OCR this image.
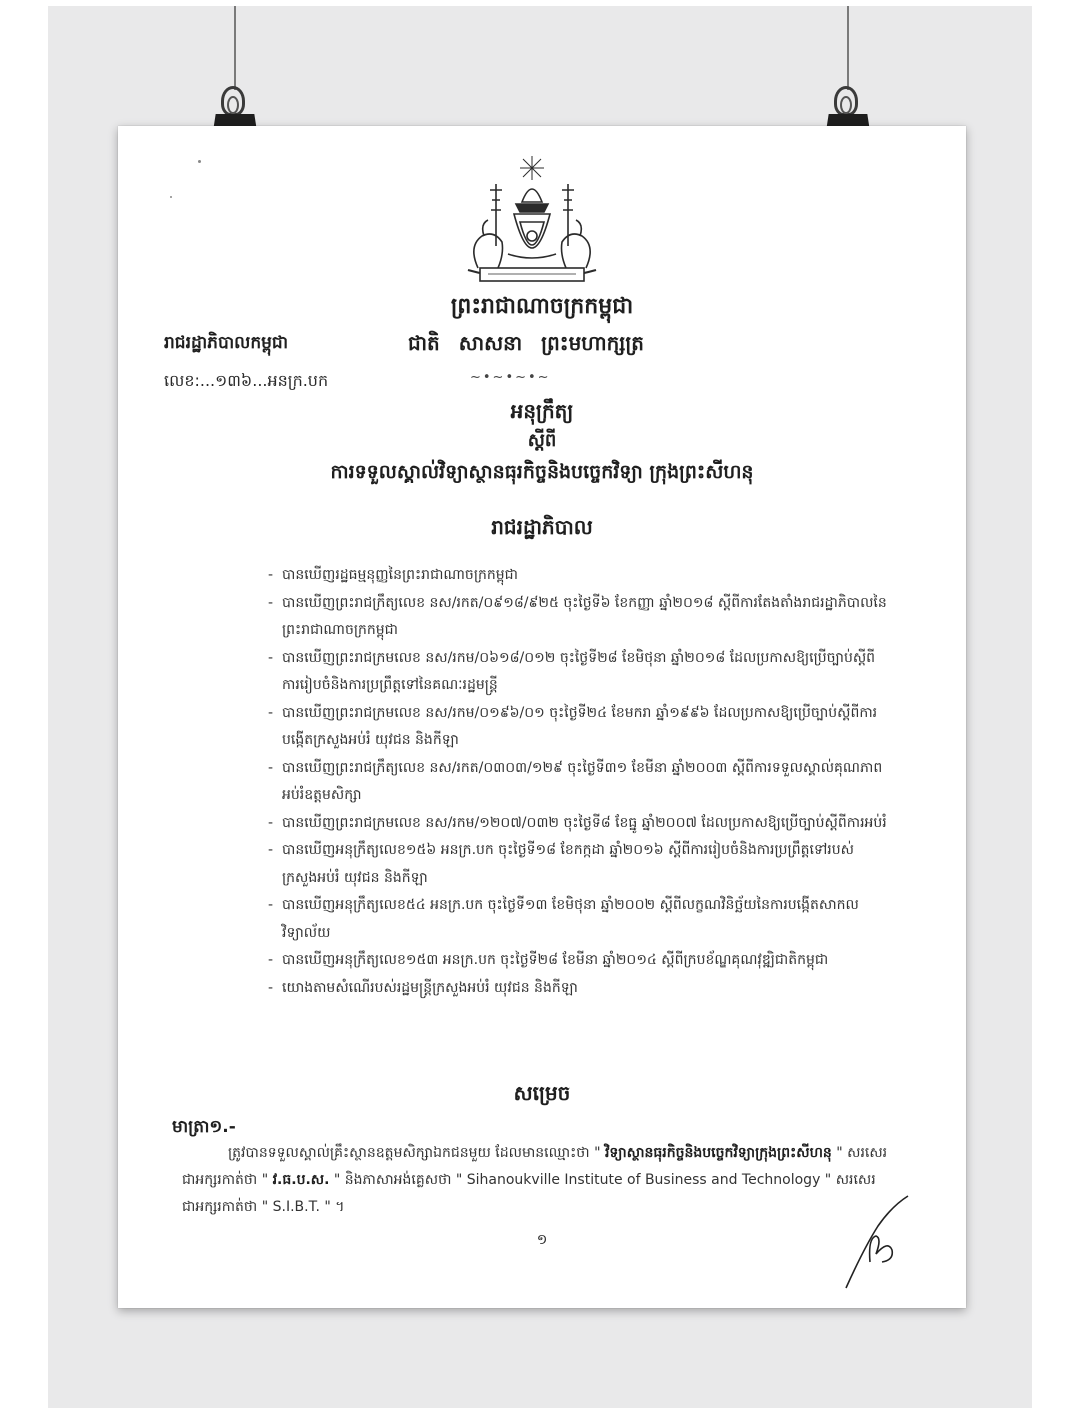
ព្រះរាជាណាចក្រកម្ពុជា
រាជរដ្ឋាភិបាលកម្ពុជា	ជាតិ សាសនា ព្រះមហាក្សត្រ
លេខ:...១៣៦...អនក្រ.បក	~•~•~•~
អនុក្រឹត្យ
ស្តីពី
ការទទួលស្គាល់វិទ្យាស្ថានធុរកិច្ចនិងបច្ចេកវិទ្យា ក្រុងព្រះសីហនុ
រាជរដ្ឋាភិបាល
- បានឃើញរដ្ឋធម្មនុញ្ញនៃព្រះរាជាណាចក្រកម្ពុជា
- បានឃើញព្រះរាជក្រឹត្យលេខ នស/រកត/០៩១៨/៩២៥ ចុះថ្ងៃទី៦ ខែកញ្ញា ឆ្នាំ២០១៨ ស្តីពីការតែងតាំងរាជរដ្ឋាភិបាលនៃព្រះរាជាណាចក្រកម្ពុជា
- បានឃើញព្រះរាជក្រមលេខ នស/រកម/០៦១៨/០១២ ចុះថ្ងៃទី២៨ ខែមិថុនា ឆ្នាំ២០១៨ ដែលប្រកាសឱ្យប្រើច្បាប់ស្តីពីការរៀបចំនិងការប្រព្រឹត្តទៅនៃគណៈរដ្ឋមន្ត្រី
- បានឃើញព្រះរាជក្រមលេខ នស/រកម/០១៩៦/០១ ចុះថ្ងៃទី២៤ ខែមករា ឆ្នាំ១៩៩៦ ដែលប្រកាសឱ្យប្រើច្បាប់ស្តីពីការបង្កើតក្រសួងអប់រំ យុវជន និងកីឡា
- បានឃើញព្រះរាជក្រឹត្យលេខ នស/រកត/០៣០៣/១២៩ ចុះថ្ងៃទី៣១ ខែមីនា ឆ្នាំ២០០៣ ស្តីពីការទទួលស្គាល់គុណភាពអប់រំឧត្តមសិក្សា
- បានឃើញព្រះរាជក្រមលេខ នស/រកម/១២០៧/០៣២ ចុះថ្ងៃទី៨ ខែធ្នូ ឆ្នាំ២០០៧ ដែលប្រកាសឱ្យប្រើច្បាប់ស្តីពីការអប់រំ
- បានឃើញអនុក្រឹត្យលេខ១៥៦ អនក្រ.បក ចុះថ្ងៃទី១៨ ខែកក្កដា ឆ្នាំ២០១៦ ស្តីពីការរៀបចំនិងការប្រព្រឹត្តទៅរបស់ក្រសួងអប់រំ យុវជន និងកីឡា
- បានឃើញអនុក្រឹត្យលេខ៥៤ អនក្រ.បក ចុះថ្ងៃទី១៣ ខែមិថុនា ឆ្នាំ២០០២ ស្តីពីលក្ខណវិនិច្ឆ័យនៃការបង្កើតសាកលវិទ្យាល័យ
- បានឃើញអនុក្រឹត្យលេខ១៥៣ អនក្រ.បក ចុះថ្ងៃទី២៨ ខែមីនា ឆ្នាំ២០១៤ ស្តីពីក្របខ័ណ្ឌគុណវុឌ្ឍិជាតិកម្ពុជា
- យោងតាមសំណើរបស់រដ្ឋមន្ត្រីក្រសួងអប់រំ យុវជន និងកីឡា
សម្រេច
មាត្រា១.-
ត្រូវបានទទួលស្គាល់គ្រឹះស្ថានឧត្តមសិក្សាឯកជនមួយ ដែលមានឈ្មោះថា " វិទ្យាស្ថានធុរកិច្ចនិងបច្ចេកវិទ្យាក្រុងព្រះសីហនុ " សរសេរជាអក្សរកាត់ថា " វ.ធ.ប.ស. " និងភាសាអង់គ្លេសថា " Sihanoukville Institute of Business and Technology " សរសេរជាអក្សរកាត់ថា " S.I.B.T. " ។
១
